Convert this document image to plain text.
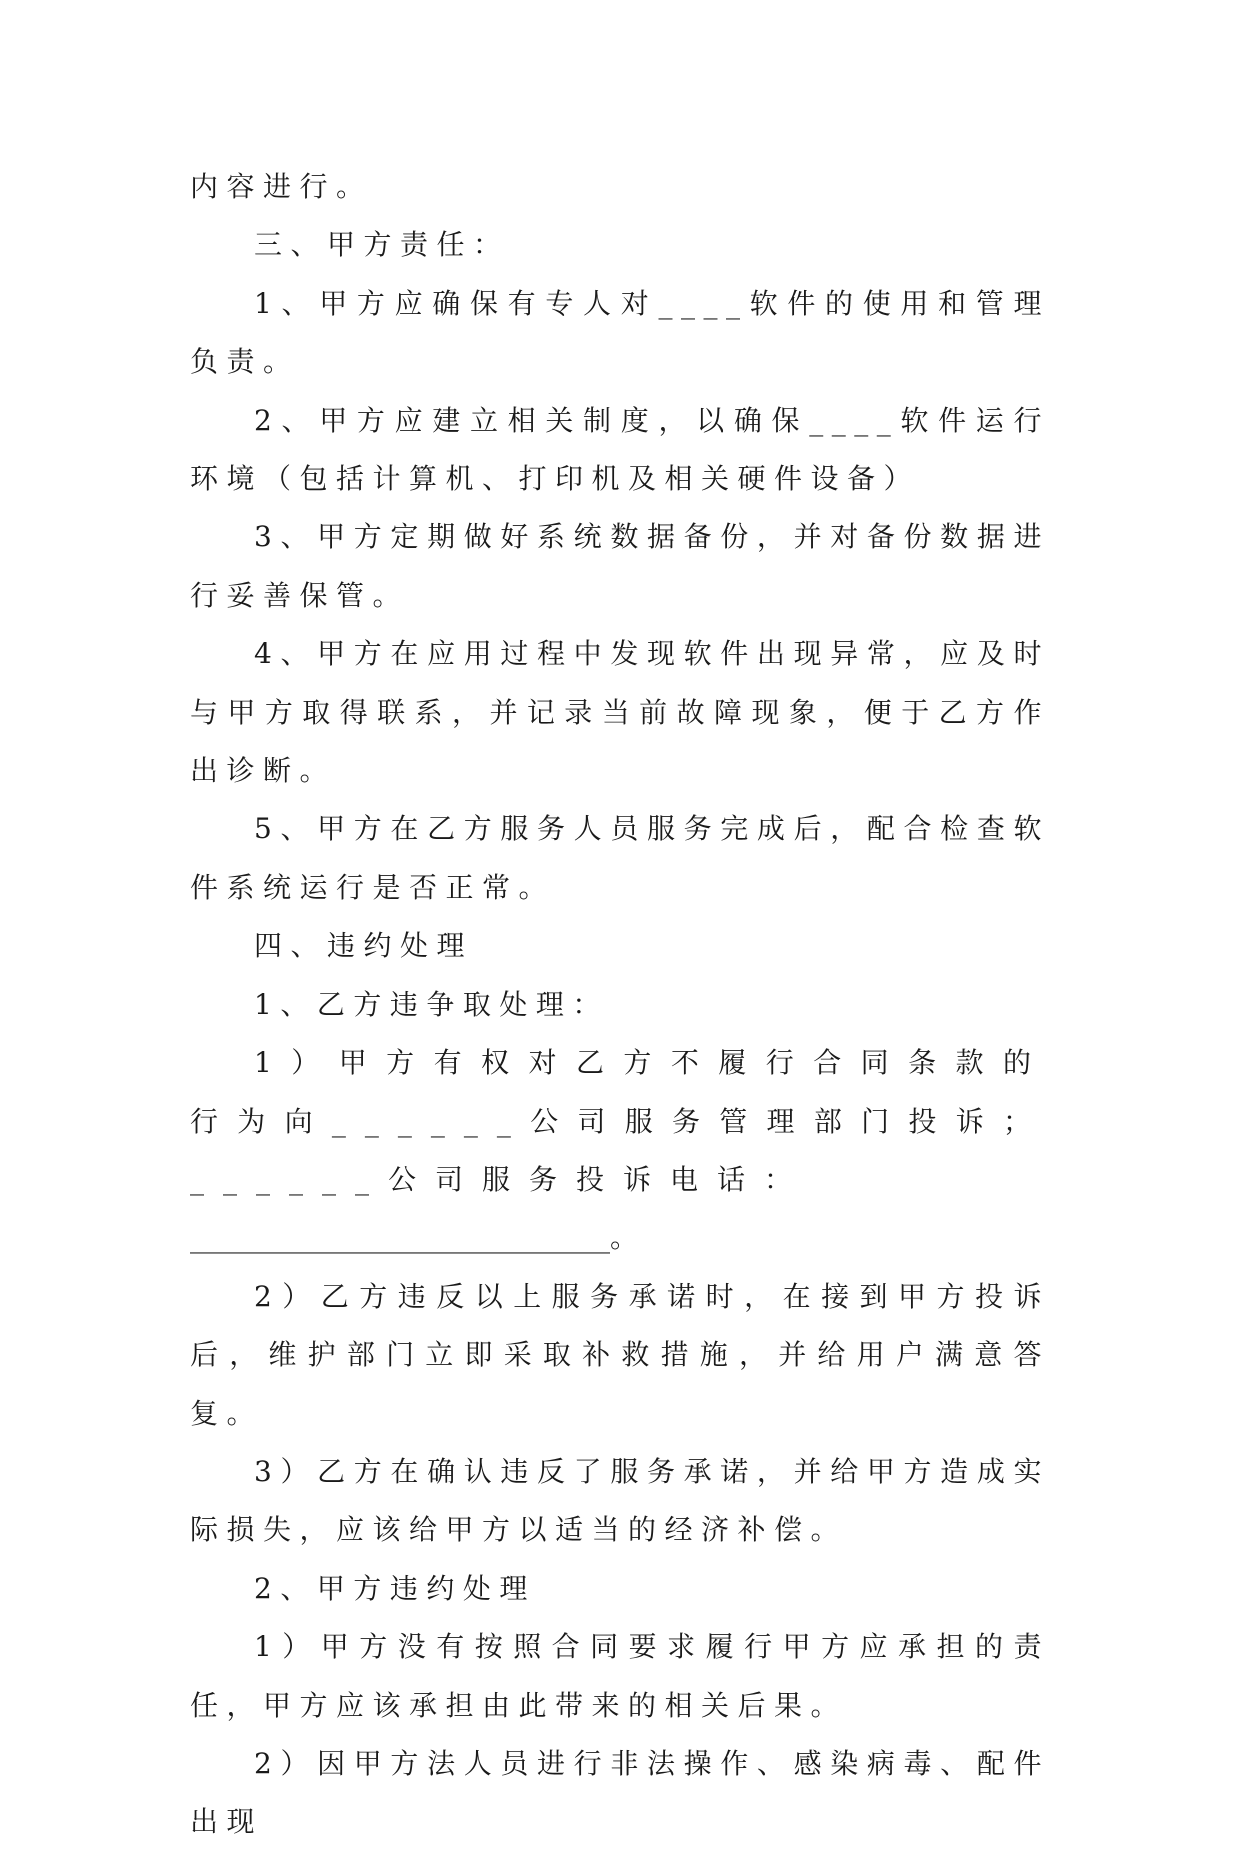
内容进行。

三、甲方责任：

1、甲方应确保有专人对____软件的使用和管理负责。

2、甲方应建立相关制度，以确保____软件运行环境（包括计算机、打印机及相关硬件设备）

3、甲方定期做好系统数据备份，并对备份数据进行妥善保管。

4、甲方在应用过程中发现软件出现异常，应及时与甲方取得联系，并记录当前故障现象，便于乙方作出诊断。

5、甲方在乙方服务人员服务完成后，配合检查软件系统运行是否正常。

四、违约处理

1、乙方违争取处理：

1）甲方有权对乙方不履行合同条款的行为向______公司服务管理部门投诉；______公司服务投诉电话：

______________________________。

2）乙方违反以上服务承诺时，在接到甲方投诉后，维护部门立即采取补救措施，并给用户满意答复。

3）乙方在确认违反了服务承诺，并给甲方造成实际损失，应该给甲方以适当的经济补偿。

2、甲方违约处理

1）甲方没有按照合同要求履行甲方应承担的责任，甲方应该承担由此带来的相关后果。

2）因甲方法人员进行非法操作、感染病毒、配件出现
